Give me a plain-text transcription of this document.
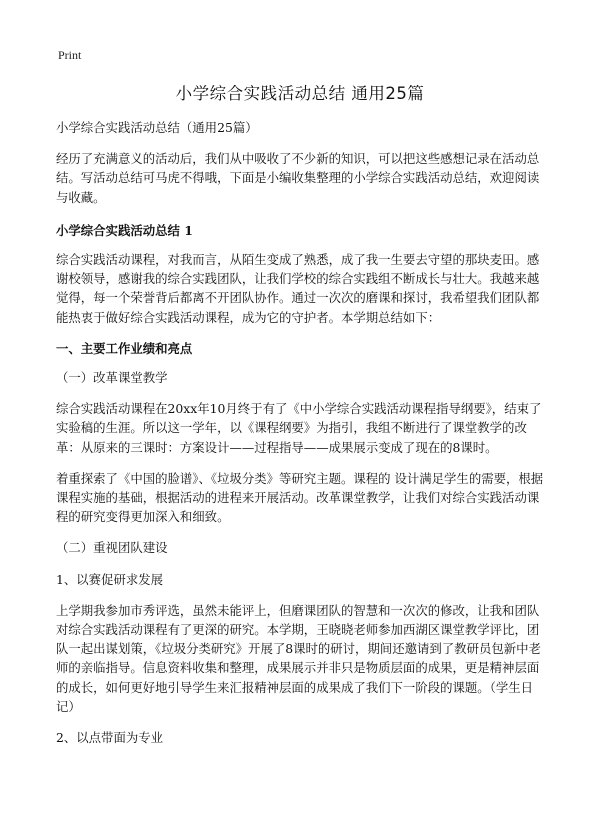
Print
小学综合实践活动总结 通用25篇

小学综合实践活动总结（通用25篇）

经历了充满意义的活动后，我们从中吸收了不少新的知识，可以把这些感想记录在活动总结。写活动总结可马虎不得哦，下面是小编收集整理的小学综合实践活动总结，欢迎阅读与收藏。

小学综合实践活动总结 1

综合实践活动课程，对我而言，从陌生变成了熟悉，成了我一生要去守望的那块麦田。感谢校领导，感谢我的综合实践团队，让我们学校的综合实践组不断成长与壮大。我越来越觉得，每一个荣誉背后都离不开团队协作。通过一次次的磨课和探讨，我希望我们团队都能热衷于做好综合实践活动课程，成为它的守护者。本学期总结如下：

一、主要工作业绩和亮点

（一）改革课堂教学

综合实践活动课程在20xx年10月终于有了《中小学综合实践活动课程指导纲要》，结束了实验稿的生涯。所以这一学年，以《课程纲要》为指引，我组不断进行了课堂教学的改革：从原来的三课时：方案设计——过程指导——成果展示变成了现在的8课时。

着重探索了《中国的脸谱》、《垃圾分类》等研究主题。课程的 设计满足学生的需要，根据课程实施的基础，根据活动的进程来开展活动。改革课堂教学，让我们对综合实践活动课程的研究变得更加深入和细致。

（二）重视团队建设

1、以赛促研求发展

上学期我参加市秀评选，虽然未能评上，但磨课团队的智慧和一次次的修改，让我和团队对综合实践活动课程有了更深的研究。本学期，王晓晓老师参加西湖区课堂教学评比，团队一起出谋划策，《垃圾分类研究》开展了8课时的研讨，期间还邀请到了教研员包新中老师的亲临指导。信息资料收集和整理，成果展示并非只是物质层面的成果，更是精神层面的成长，如何更好地引导学生来汇报精神层面的成果成了我们下一阶段的课题。（学生日记）

2、以点带面为专业
